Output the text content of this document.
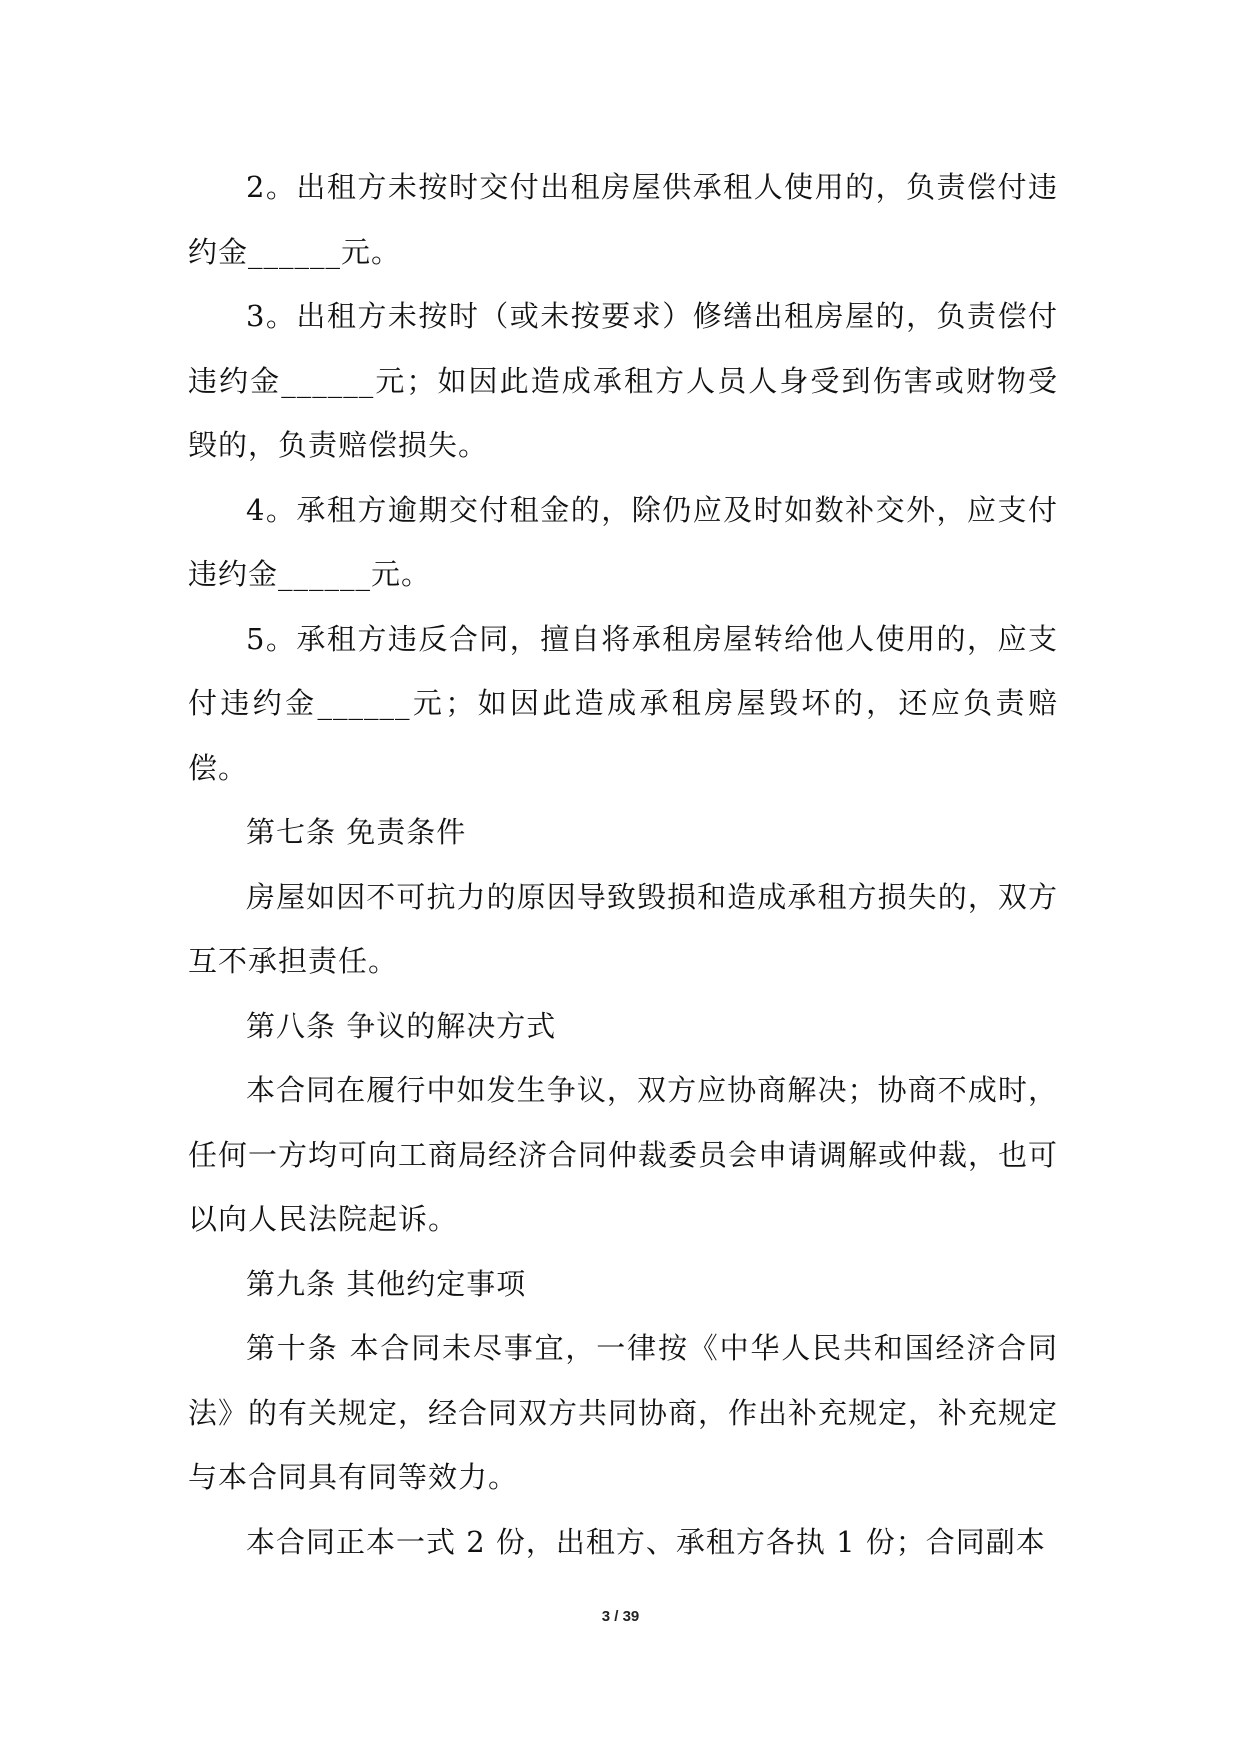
2。出租方未按时交付出租房屋供承租人使用的，负责偿付违约金______元。

3。出租方未按时（或未按要求）修缮出租房屋的，负责偿付违约金______元；如因此造成承租方人员人身受到伤害或财物受毁的，负责赔偿损失。

4。承租方逾期交付租金的，除仍应及时如数补交外，应支付违约金______元。

5。承租方违反合同，擅自将承租房屋转给他人使用的，应支付违约金______元；如因此造成承租房屋毁坏的，还应负责赔偿。

第七条 免责条件

房屋如因不可抗力的原因导致毁损和造成承租方损失的，双方互不承担责任。

第八条 争议的解决方式

本合同在履行中如发生争议，双方应协商解决；协商不成时，任何一方均可向工商局经济合同仲裁委员会申请调解或仲裁，也可以向人民法院起诉。

第九条 其他约定事项

第十条 本合同未尽事宜，一律按《中华人民共和国经济合同法》的有关规定，经合同双方共同协商，作出补充规定，补充规定与本合同具有同等效力。

本合同正本一式 2 份，出租方、承租方各执 1 份；合同副本

3 / 39
